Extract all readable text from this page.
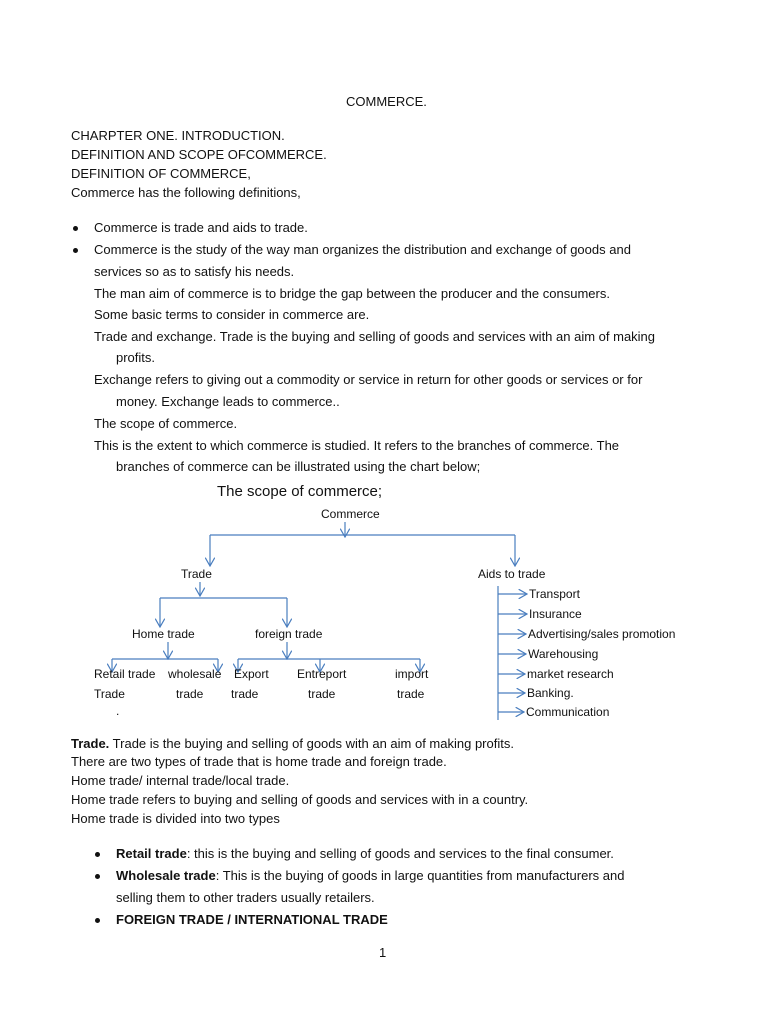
COMMERCE.
CHARPTER ONE. INTRODUCTION.
DEFINITION AND SCOPE OFCOMMERCE.
DEFINITION OF COMMERCE,
Commerce has the following definitions,
Commerce is trade and aids to trade.
Commerce is the study of the way man organizes the distribution and exchange of goods and
services so as to satisfy his needs.
The man aim of commerce is to bridge the gap between the producer and the consumers.
Some basic terms to consider in commerce are.
Trade and exchange. Trade is the buying and selling of goods and services with an aim of making
profits.
Exchange refers to giving out a commodity or service in return for other goods or services or for
money. Exchange leads to commerce..
The scope of commerce.
This is the extent to which commerce is studied. It refers to the branches of commerce. The
branches of commerce can be illustrated using the chart below;
The scope of commerce;
Commerce
Trade	Aids to trade
Home trade	foreign trade
Retail trade
Trade
wholesale
trade
Export
trade
Entreport
trade
import
trade
.
Transport
Insurance
Advertising/sales promotion
Warehousing
market research
Banking.
Communication
Trade. Trade is the buying and selling of goods with an aim of making profits.
There are two types of trade that is home trade and foreign trade.
Home trade/ internal trade/local trade.
Home trade refers to buying and selling of goods and services with in a country.
Home trade is divided into two types
Retail trade: this is the buying and selling of goods and services to the final consumer.
Wholesale trade: This is the buying of goods in large quantities from manufacturers and
selling them to other traders usually retailers.
FOREIGN TRADE / INTERNATIONAL TRADE
1
